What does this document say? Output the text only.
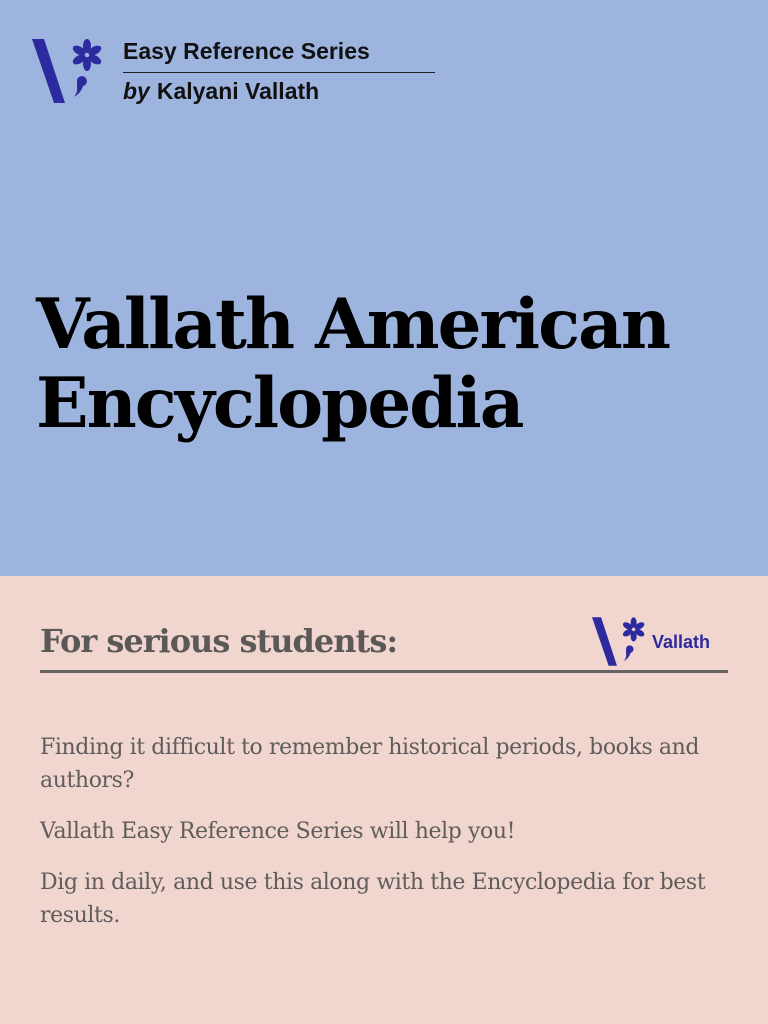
Easy Reference Series
by Kalyani Vallath
Vallath American
Encyclopedia
For serious students:	Vallath

Finding it difficult to remember historical periods, books and authors?

Vallath Easy Reference Series will help you!

Dig in daily, and use this along with the Encyclopedia for best results.
